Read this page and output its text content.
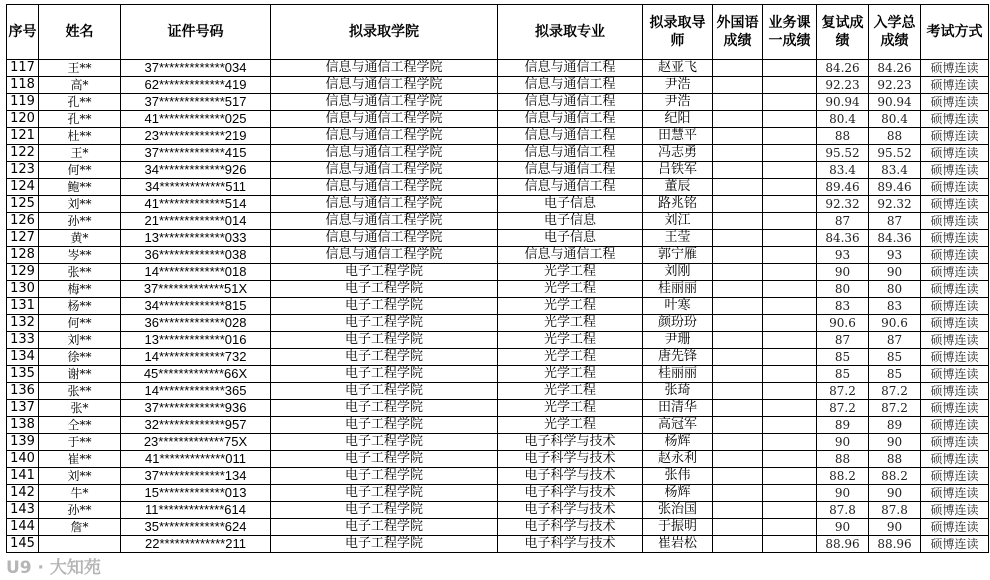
序号	姓名	证件号码	拟录取学院	拟录取专业	拟录取导师	外国语成绩	业务课一成绩	复试成绩	入学总成绩	考试方式
117	王**	37*************034	信息与通信工程学院	信息与通信工程	赵亚飞			84.26	84.26	硕博连读
118	高*	62*************419	信息与通信工程学院	信息与通信工程	尹浩			92.23	92.23	硕博连读
119	孔**	37*************517	信息与通信工程学院	信息与通信工程	尹浩			90.94	90.94	硕博连读
120	孔**	41*************025	信息与通信工程学院	信息与通信工程	纪阳			80.4	80.4	硕博连读
121	杜**	23*************219	信息与通信工程学院	信息与通信工程	田慧平			88	88	硕博连读
122	王*	37*************415	信息与通信工程学院	信息与通信工程	冯志勇			95.52	95.52	硕博连读
123	何**	34*************926	信息与通信工程学院	信息与通信工程	吕铁军			83.4	83.4	硕博连读
124	鲍**	34*************511	信息与通信工程学院	信息与通信工程	董辰			89.46	89.46	硕博连读
125	刘**	41*************514	信息与通信工程学院	电子信息	路兆铭			92.32	92.32	硕博连读
126	孙**	21*************014	信息与通信工程学院	电子信息	刘江			87	87	硕博连读
127	黄*	13*************033	信息与通信工程学院	电子信息	王莹			84.36	84.36	硕博连读
128	岑**	36*************038	信息与通信工程学院	信息与通信工程	郭宁雁			93	93	硕博连读
129	张**	14*************018	电子工程学院	光学工程	刘刚			90	90	硕博连读
130	梅**	37*************51X	电子工程学院	光学工程	桂丽丽			80	80	硕博连读
131	杨**	34*************815	电子工程学院	光学工程	叶寒			83	83	硕博连读
132	何**	36*************028	电子工程学院	光学工程	颜玢玢			90.6	90.6	硕博连读
133	刘**	13*************016	电子工程学院	光学工程	尹珊			87	87	硕博连读
134	徐**	14*************732	电子工程学院	光学工程	唐先锋			85	85	硕博连读
135	谢**	45*************66X	电子工程学院	光学工程	桂丽丽			85	85	硕博连读
136	张**	14*************365	电子工程学院	光学工程	张琦			87.2	87.2	硕博连读
137	张*	37*************936	电子工程学院	光学工程	田清华			87.2	87.2	硕博连读
138	仝**	32*************957	电子工程学院	光学工程	高冠军			89	89	硕博连读
139	于**	23*************75X	电子工程学院	电子科学与技术	杨辉			90	90	硕博连读
140	崔**	41*************011	电子工程学院	电子科学与技术	赵永利			88	88	硕博连读
141	刘**	37*************134	电子工程学院	电子科学与技术	张伟			88.2	88.2	硕博连读
142	牛*	15*************013	电子工程学院	电子科学与技术	杨辉			90	90	硕博连读
143	孙**	11*************614	电子工程学院	电子科学与技术	张治国			87.8	87.8	硕博连读
144	詹*	35*************624	电子工程学院	电子科学与技术	于振明			90	90	硕博连读
145		22*************211	电子工程学院	电子科学与技术	崔岩松			88.96	88.96	硕博连读
U9 · 大知苑
